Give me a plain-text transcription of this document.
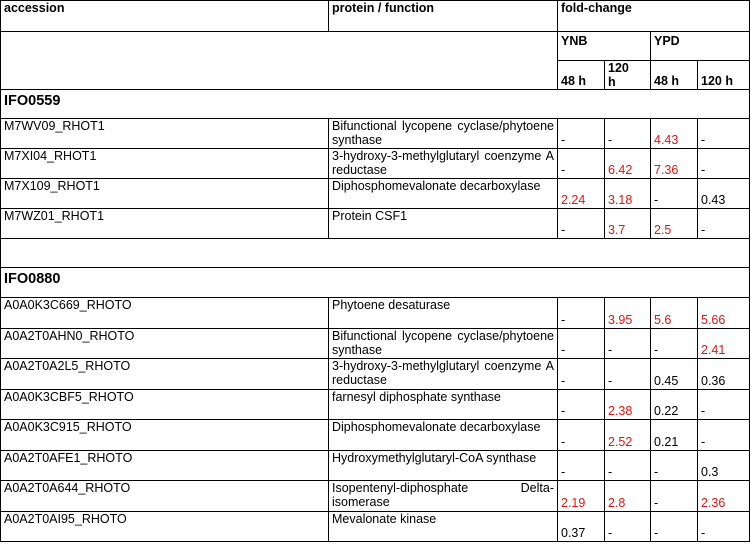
accession	protein / function	fold-change			
		YNB		YPD	
		48 h	120 h	48 h	120 h
IFO0559					
M7WV09_RHOT1	Bifunctional lycopene cyclase/phytoene synthase	-	-	4.43	-
M7XI04_RHOT1	3-hydroxy-3-methylglutaryl coenzyme A reductase	-	6.42	7.36	-
M7X109_RHOT1	Diphosphomevalonate decarboxylase	2.24	3.18	-	0.43
M7WZ01_RHOT1	Protein CSF1	-	3.7	2.5	-

IFO0880					
A0A0K3C669_RHOTO	Phytoene desaturase	-	3.95	5.6	5.66
A0A2T0AHN0_RHOTO	Bifunctional lycopene cyclase/phytoene synthase	-	-	-	2.41
A0A2T0A2L5_RHOTO	3-hydroxy-3-methylglutaryl coenzyme A reductase	-	-	0.45	0.36
A0A0K3CBF5_RHOTO	farnesyl diphosphate synthase	-	2.38	0.22	-
A0A0K3C915_RHOTO	Diphosphomevalonate decarboxylase	-	2.52	0.21	-
A0A2T0AFE1_RHOTO	Hydroxymethylglutaryl-CoA synthase	-	-	-	0.3
A0A2T0A644_RHOTO	Isopentenyl-diphosphate Delta-isomerase	2.19	2.8	-	2.36
A0A2T0AI95_RHOTO	Mevalonate kinase	0.37	-	-	-
